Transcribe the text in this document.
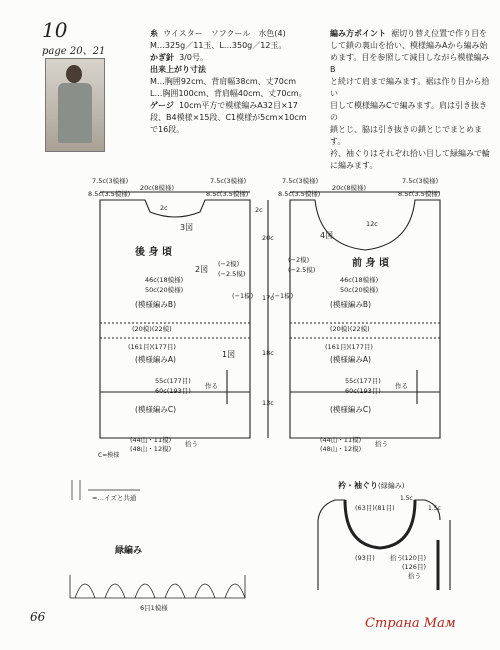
10
page 20、21
糸 ウイスター　ソフクール　水色(4)
M…325g／11玉、L…350g／12玉。
かぎ針 3/0号。
出来上がり寸法
M…胸囲92cm、背肩幅38cm、丈70cm
L…胸囲100cm、背肩幅40cm、丈70cm。
ゲージ 10cm平方で模様編みA32目×17
段、B4模様×15段、C1模様が5cm×10cm
で16段。
編み方ポイント 裾切り替え位置で作り目を
して鎖の裏山を拾い、模様編みAから編み始
めます。目を参照して減目しながら模様編みB
と続けて肩まで編みます。裾は作り目から拾い
目して模様編みCで編みます。肩は引き抜きの
鎖とじ、脇は引き抜きの鎖とじでまとめます。
衿、袖ぐりはそれぞれ拾い目して緑編みで輪
に編みます。
7.5c(3模様)
8.5c(3.5模様)
20c(8模様)
7.5c(3模様)
8.5c(3.5模様)
2c
3図
後 身 頃
2図
(−2模)
(−2.5模)
46c(18模様)
50c(20模様)
(−1模)
(模様編みB)
(20模)(22模)
(161目)(177目)
1図
(模様編みA)
55c(177目)
60c(193目)
作る
(模様編みC)
(44山・11模)
(48山・12模)
拾う
C=模様
2c
20c
17c
18c
13c
7.5c(3模様)
8.5c(3.5模様)
20c(8模様)
7.5c(3模様)
8.5c(3.5模様)
12c
4図
前 身 頃
(−2模)
(−2.5模)
46c(18模様)
50c(20模様)
(−1模)
(模様編みB)
(20模)(22模)
(161目)(177目)
(模様編みA)
55c(177目)
60c(193目)
作る
(模様編みC)
(44山・11模)
(48山・12模)
拾う
衿・袖ぐり (緑編み)
(63目)(81目)
1.5c
1.5c
(93目) 拾う (120目)
(126目)
拾う
緑編み
6目1模様
=…イズと共通
66	Страна Мам
